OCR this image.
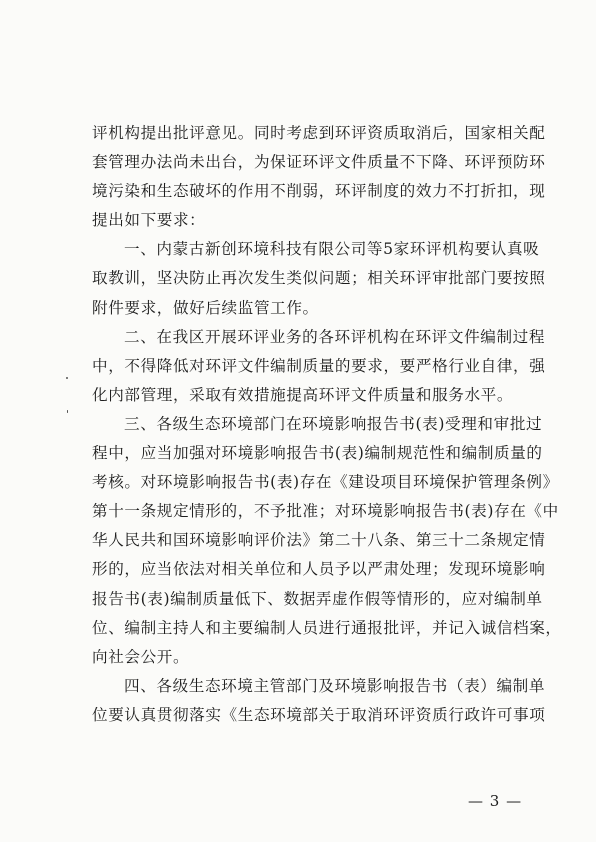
评机构提出批评意见。同时考虑到环评资质取消后，国家相关配
套管理办法尚未出台，为保证环评文件质量不下降、环评预防环
境污染和生态破坏的作用不削弱，环评制度的效力不打折扣，现
提出如下要求：
一、内蒙古新创环境科技有限公司等5家环评机构要认真吸
取教训，坚决防止再次发生类似问题；相关环评审批部门要按照
附件要求，做好后续监管工作。
二、在我区开展环评业务的各环评机构在环评文件编制过程
中，不得降低对环评文件编制质量的要求，要严格行业自律，强
化内部管理，采取有效措施提高环评文件质量和服务水平。
三、各级生态环境部门在环境影响报告书(表)受理和审批过
程中，应当加强对环境影响报告书(表)编制规范性和编制质量的
考核。对环境影响报告书(表)存在《建设项目环境保护管理条例》
第十一条规定情形的，不予批准；对环境影响报告书(表)存在《中
华人民共和国环境影响评价法》第二十八条、第三十二条规定情
形的，应当依法对相关单位和人员予以严肃处理；发现环境影响
报告书(表)编制质量低下、数据弄虚作假等情形的，应对编制单
位、编制主持人和主要编制人员进行通报批评，并记入诚信档案，
向社会公开。
四、各级生态环境主管部门及环境影响报告书（表）编制单
位要认真贯彻落实《生态环境部关于取消环评资质行政许可事项
— 3 —
